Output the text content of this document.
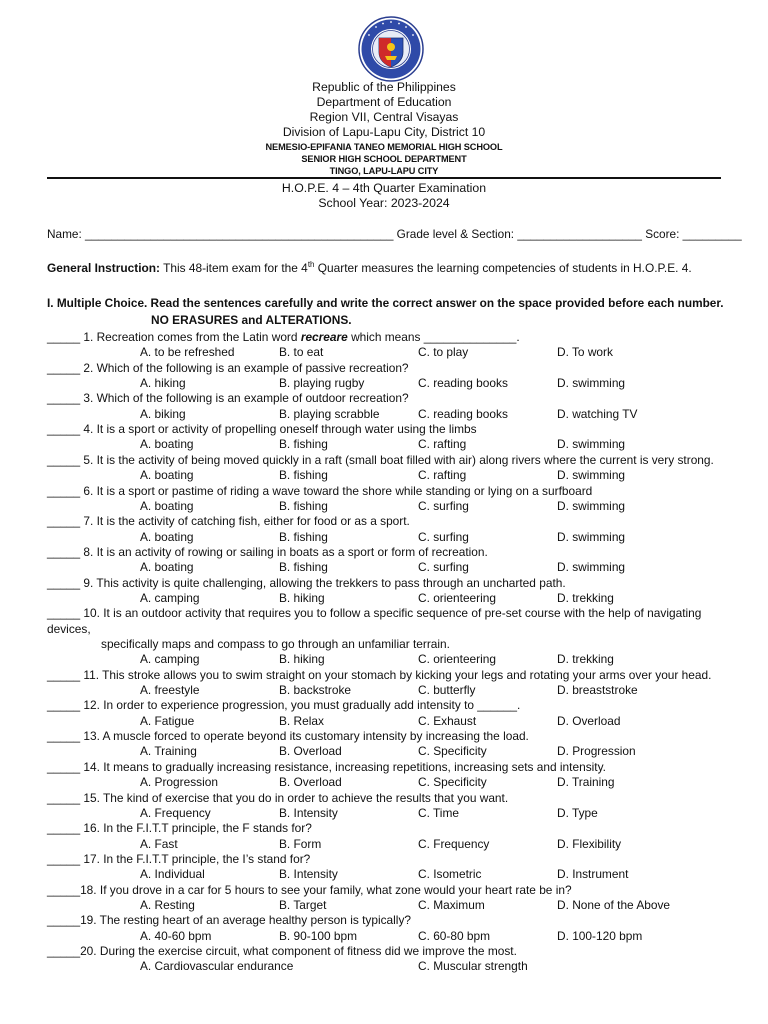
Republic of the Philippines
Department of Education
Region VII, Central Visayas
Division of Lapu-Lapu City, District 10
NEMESIO-EPIFANIA TANEO MEMORIAL HIGH SCHOOL
SENIOR HIGH SCHOOL DEPARTMENT
TINGO, LAPU-LAPU CITY
H.O.P.E. 4 – 4th Quarter Examination
School Year: 2023-2024
Name: _______________________________________________ Grade level & Section: ___________________ Score: _________
General Instruction: This 48-item exam for the 4th Quarter measures the learning competencies of students in H.O.P.E. 4.
I. Multiple Choice. Read the sentences carefully and write the correct answer on the space provided before each number.
NO ERASURES and ALTERATIONS.
_____ 1. Recreation comes from the Latin word recreare which means ______________.
A. to be refreshed	B. to eat	C. to play	D. To work
_____ 2. Which of the following is an example of passive recreation?
A. hiking	B. playing rugby	C. reading books	D. swimming
_____ 3. Which of the following is an example of outdoor recreation?
A. biking	B. playing scrabble	C. reading books	D. watching TV
_____ 4. It is a sport or activity of propelling oneself through water using the limbs
A. boating	B. fishing	C. rafting	D. swimming
_____ 5. It is the activity of being moved quickly in a raft (small boat filled with air) along rivers where the current is very strong.
A. boating	B. fishing	C. rafting	D. swimming
_____ 6. It is a sport or pastime of riding a wave toward the shore while standing or lying on a surfboard
A. boating	B. fishing	C. surfing	D. swimming
_____ 7. It is the activity of catching fish, either for food or as a sport.
A. boating	B. fishing	C. surfing	D. swimming
_____ 8. It is an activity of rowing or sailing in boats as a sport or form of recreation.
A. boating	B. fishing	C. surfing	D. swimming
_____ 9. This activity is quite challenging, allowing the trekkers to pass through an uncharted path.
A. camping	B. hiking	C. orienteering	D. trekking
_____ 10. It is an outdoor activity that requires you to follow a specific sequence of pre-set course with the help of navigating
devices,
specifically maps and compass to go through an unfamiliar terrain.
A. camping	B. hiking	C. orienteering	D. trekking
_____ 11. This stroke allows you to swim straight on your stomach by kicking your legs and rotating your arms over your head.
A. freestyle	B. backstroke	C. butterfly	D. breaststroke
_____ 12. In order to experience progression, you must gradually add intensity to ______.
A. Fatigue	B. Relax	C. Exhaust	D. Overload
_____ 13. A muscle forced to operate beyond its customary intensity by increasing the load.
A. Training	B. Overload	C. Specificity	D. Progression
_____ 14. It means to gradually increasing resistance, increasing repetitions, increasing sets and intensity.
A. Progression	B. Overload	C. Specificity	D. Training
_____ 15. The kind of exercise that you do in order to achieve the results that you want.
A. Frequency	B. Intensity	C. Time	D. Type
_____ 16. In the F.I.T.T principle, the F stands for?
A. Fast	B. Form	C. Frequency	D. Flexibility
_____ 17. In the F.I.T.T principle, the I’s stand for?
A. Individual	B. Intensity	C. Isometric	D. Instrument
_____18. If you drove in a car for 5 hours to see your family, what zone would your heart rate be in?
A. Resting	B. Target	C. Maximum	D. None of the Above
_____19. The resting heart of an average healthy person is typically?
A. 40-60 bpm	B. 90-100 bpm	C. 60-80 bpm	D. 100-120 bpm
_____20. During the exercise circuit, what component of fitness did we improve the most.
A. Cardiovascular endurance	C. Muscular strength
